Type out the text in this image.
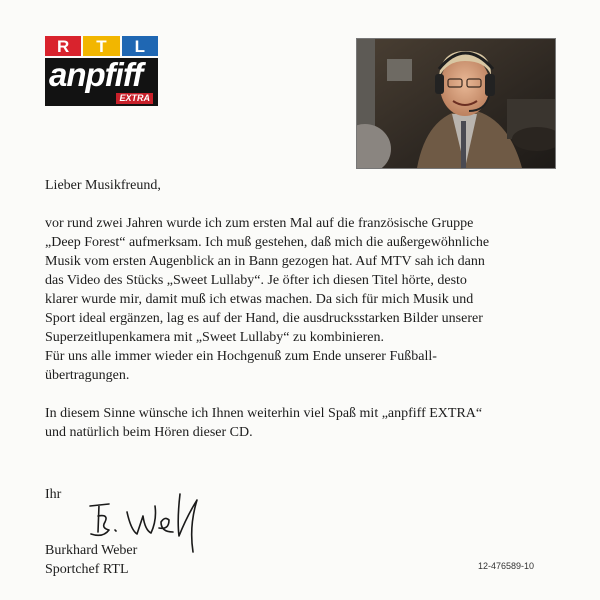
R	T	L
anpfiff
EXTRA

Lieber Musikfreund,

vor rund zwei Jahren wurde ich zum ersten Mal auf die französische Gruppe
„Deep Forest“ aufmerksam. Ich muß gestehen, daß mich die außergewöhnliche
Musik vom ersten Augenblick an in Bann gezogen hat. Auf MTV sah ich dann
das Video des Stücks „Sweet Lullaby“. Je öfter ich diesen Titel hörte, desto
klarer wurde mir, damit muß ich etwas machen. Da sich für mich Musik und
Sport ideal ergänzen, lag es auf der Hand, die ausdrucksstarken Bilder unserer
Superzeitlupenkamera mit „Sweet Lullaby“ zu kombinieren.
Für uns alle immer wieder ein Hochgenuß zum Ende unserer Fußball-
übertragungen.

In diesem Sinne wünsche ich Ihnen weiterhin viel Spaß mit „anpfiff EXTRA“
und natürlich beim Hören dieser CD.

Ihr
Burkhard Weber
Sportchef RTL	12-476589-10
